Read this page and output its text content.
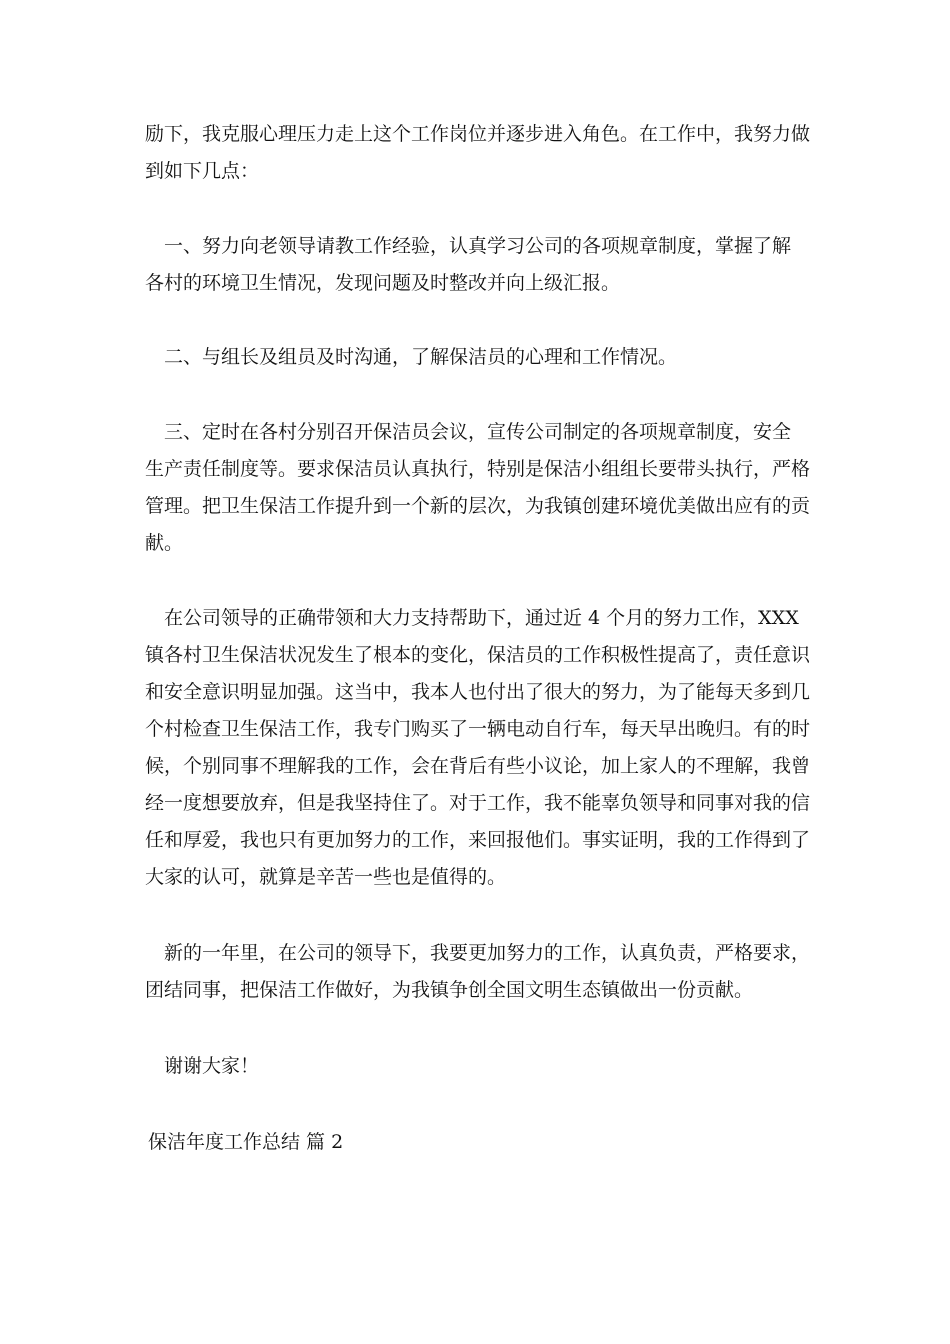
励下，我克服心理压力走上这个工作岗位并逐步进入角色。在工作中，我努力做
到如下几点：
　一、努力向老领导请教工作经验，认真学习公司的各项规章制度，掌握了解
各村的环境卫生情况，发现问题及时整改并向上级汇报。
　二、与组长及组员及时沟通，了解保洁员的心理和工作情况。
　三、定时在各村分别召开保洁员会议，宣传公司制定的各项规章制度，安全
生产责任制度等。要求保洁员认真执行，特别是保洁小组组长要带头执行，严格
管理。把卫生保洁工作提升到一个新的层次，为我镇创建环境优美做出应有的贡
献。
　在公司领导的正确带领和大力支持帮助下，通过近 4 个月的努力工作，XXX
镇各村卫生保洁状况发生了根本的变化，保洁员的工作积极性提高了，责任意识
和安全意识明显加强。这当中，我本人也付出了很大的努力，为了能每天多到几
个村检查卫生保洁工作，我专门购买了一辆电动自行车，每天早出晚归。有的时
候，个别同事不理解我的工作，会在背后有些小议论，加上家人的不理解，我曾
经一度想要放弃，但是我坚持住了。对于工作，我不能辜负领导和同事对我的信
任和厚爱，我也只有更加努力的工作，来回报他们。事实证明，我的工作得到了
大家的认可，就算是辛苦一些也是值得的。
　新的一年里，在公司的领导下，我要更加努力的工作，认真负责，严格要求，
团结同事，把保洁工作做好，为我镇争创全国文明生态镇做出一份贡献。
　谢谢大家！
保洁年度工作总结 篇 2
